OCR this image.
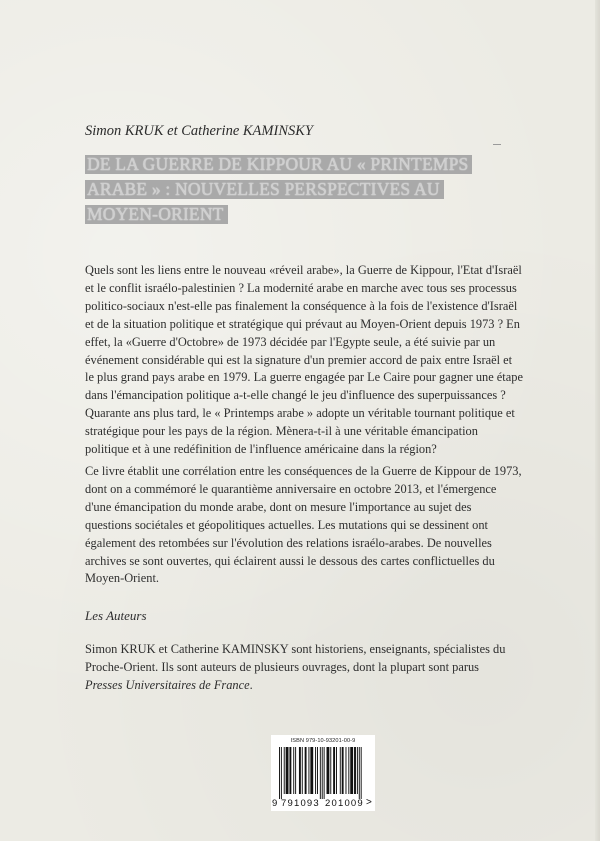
Simon KRUK et Catherine KAMINSKY
DE LA GUERRE DE KIPPOUR AU « PRINTEMPS
ARABE » : NOUVELLES PERSPECTIVES AU
MOYEN-ORIENT
Quels sont les liens entre le nouveau «réveil arabe», la Guerre de Kippour, l'Etat d'Israël
et le conflit israélo-palestinien ? La modernité arabe en marche avec tous ses processus
politico-sociaux n'est-elle pas finalement la conséquence à la fois de l'existence d'Israël
et de la situation politique et stratégique qui prévaut au Moyen-Orient depuis 1973 ? En
effet, la «Guerre d'Octobre» de 1973 décidée par l'Egypte seule, a été suivie par un
événement considérable qui est la signature d'un premier accord de paix entre Israël et
le plus grand pays arabe en 1979. La guerre engagée par Le Caire pour gagner une étape
dans l'émancipation politique a-t-elle changé le jeu d'influence des superpuissances ?
Quarante ans plus tard, le « Printemps arabe » adopte un véritable tournant politique et
stratégique pour les pays de la région. Mènera-t-il à une véritable émancipation
politique et à une redéfinition de l'influence américaine dans la région?
Ce livre établit une corrélation entre les conséquences de la Guerre de Kippour de 1973,
dont on a commémoré le quarantième anniversaire en octobre 2013, et l'émergence
d'une émancipation du monde arabe, dont on mesure l'importance au sujet des
questions sociétales et géopolitiques actuelles. Les mutations qui se dessinent ont
également des retombées sur l'évolution des relations israélo-arabes. De nouvelles
archives se sont ouvertes, qui éclairent aussi le dessous des cartes conflictuelles du
Moyen-Orient.
Les Auteurs
Simon KRUK et Catherine KAMINSKY sont historiens, enseignants, spécialistes du
Proche-Orient. Ils sont auteurs de plusieurs ouvrages, dont la plupart sont parus
Presses Universitaires de France.
ISBN 979-10-93201-00-9
9 791093 201009 >
